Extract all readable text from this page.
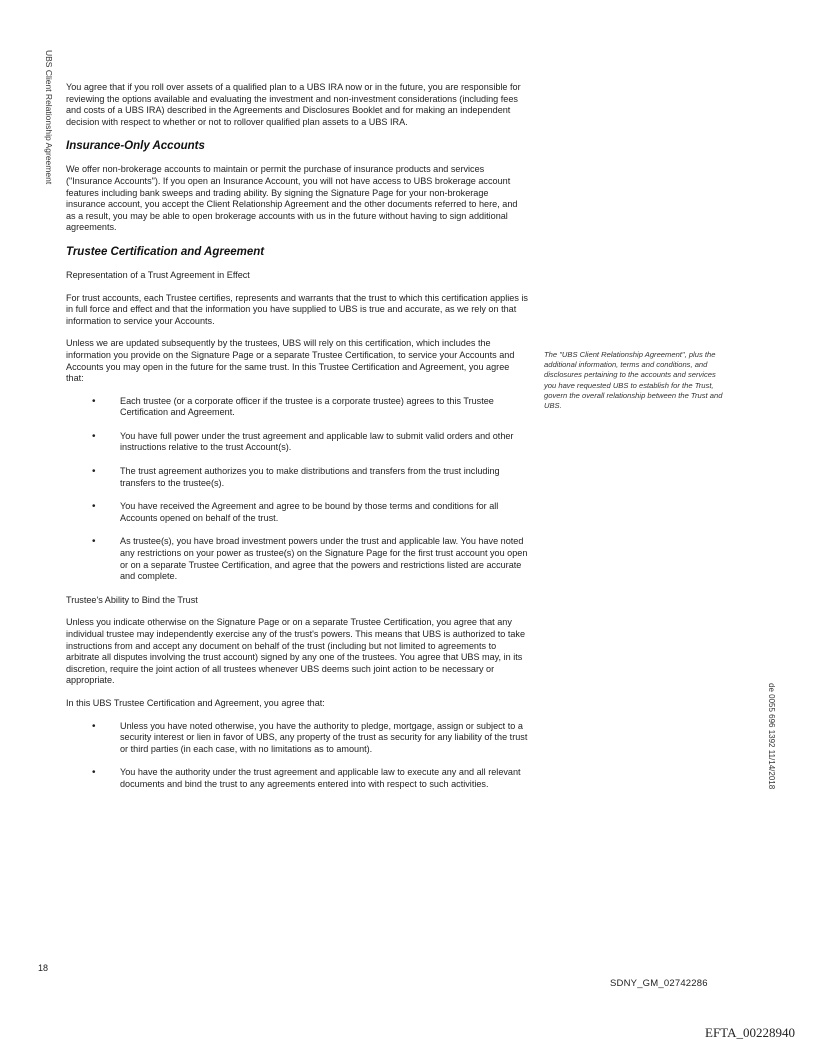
UBS Client Relationship Agreement
de 0055 696 1392 11/14/2018

You agree that if you roll over assets of a qualified plan to a UBS IRA now or in the future, you are responsible for reviewing the options available and evaluating the investment and non-investment considerations (including fees and costs of a UBS IRA) described in the Agreements and Disclosures Booklet and for making an independent decision with respect to whether or not to rollover qualified plan assets to a UBS IRA.

Insurance-Only Accounts

We offer non-brokerage accounts to maintain or permit the purchase of insurance products and services ("Insurance Accounts"). If you open an Insurance Account, you will not have access to UBS brokerage account features including bank sweeps and trading ability. By signing the Signature Page for your non-brokerage insurance account, you accept the Client Relationship Agreement and the other documents referred to here, and as a result, you may be able to open brokerage accounts with us in the future without having to sign additional agreements.

Trustee Certification and Agreement

Representation of a Trust Agreement in Effect

For trust accounts, each Trustee certifies, represents and warrants that the trust to which this certification applies is in full force and effect and that the information you have supplied to UBS is true and accurate, as we rely on that information to service your Accounts.

Unless we are updated subsequently by the trustees, UBS will rely on this certification, which includes the information you provide on the Signature Page or a separate Trustee Certification, to service your Accounts and Accounts you may open in the future for the same trust. In this Trustee Certification and Agreement, you agree that:

•	Each trustee (or a corporate officer if the trustee is a corporate trustee) agrees to this Trustee Certification and Agreement.
•	You have full power under the trust agreement and applicable law to submit valid orders and other instructions relative to the trust Account(s).
•	The trust agreement authorizes you to make distributions and transfers from the trust including transfers to the trustee(s).
•	You have received the Agreement and agree to be bound by those terms and conditions for all Accounts opened on behalf of the trust.
•	As trustee(s), you have broad investment powers under the trust and applicable law. You have noted any restrictions on your power as trustee(s) on the Signature Page for the first trust account you open or on a separate Trustee Certification, and agree that the powers and restrictions listed are accurate and complete.

Trustee's Ability to Bind the Trust

Unless you indicate otherwise on the Signature Page or on a separate Trustee Certification, you agree that any individual trustee may independently exercise any of the trust's powers. This means that UBS is authorized to take instructions from and accept any document on behalf of the trust (including but not limited to agreements to arbitrate all disputes involving the trust account) signed by any one of the trustees. You agree that UBS may, in its discretion, require the joint action of all trustees whenever UBS deems such joint action to be necessary or appropriate.

In this UBS Trustee Certification and Agreement, you agree that:

•	Unless you have noted otherwise, you have the authority to pledge, mortgage, assign or subject to a security interest or lien in favor of UBS, any property of the trust as security for any liability of the trust or third parties (in each case, with no limitations as to amount).
•	You have the authority under the trust agreement and applicable law to execute any and all relevant documents and bind the trust to any agreements entered into with respect to such activities.
The "UBS Client Relationship Agreement", plus the additional information, terms and conditions, and disclosures pertaining to the accounts and services you have requested UBS to establish for the Trust, govern the overall relationship between the Trust and UBS.
18
SDNY_GM_02742286
EFTA_00228940
